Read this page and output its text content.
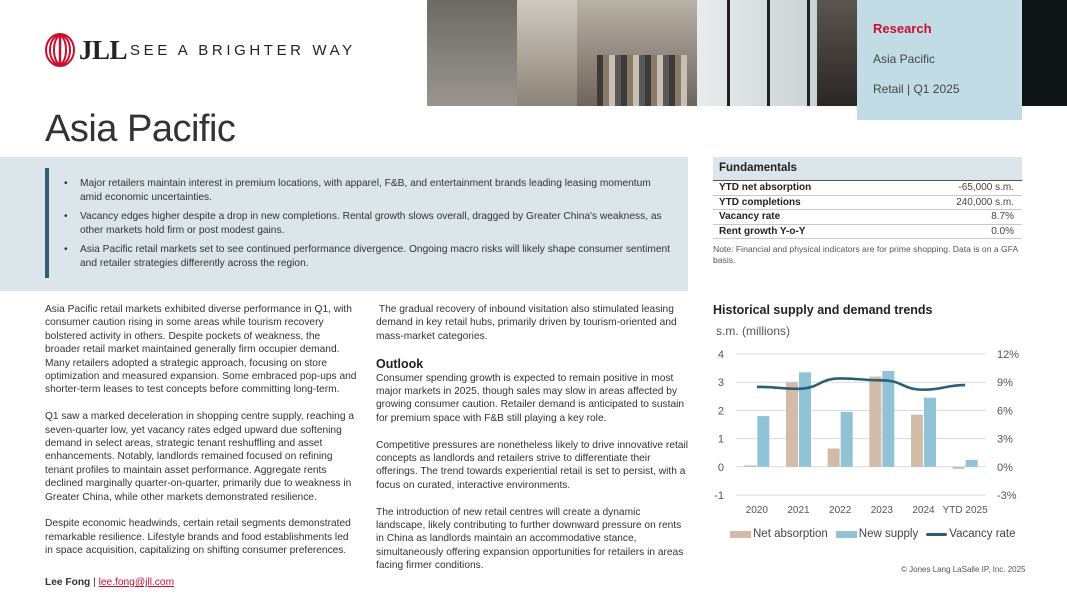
JLL SEE A BRIGHTER WAY
Research
Asia Pacific
Retail | Q1 2025
Asia Pacific
• Major retailers maintain interest in premium locations, with apparel, F&B, and entertainment brands leading leasing momentum amid economic uncertainties.
• Vacancy edges higher despite a drop in new completions. Rental growth slows overall, dragged by Greater China's weakness, as other markets hold firm or post modest gains.
• Asia Pacific retail markets set to see continued performance divergence. Ongoing macro risks will likely shape consumer sentiment and retailer strategies differently across the region.
Fundamentals
YTD net absorption	-65,000 s.m.
YTD completions	240,000 s.m.
Vacancy rate	8.7%
Rent growth Y-o-Y	0.0%
Note: Financial and physical indicators are for prime shopping. Data is on a GFA basis.

Asia Pacific retail markets exhibited diverse performance in Q1, with consumer caution rising in some areas while tourism recovery bolstered activity in others. Despite pockets of weakness, the broader retail market maintained generally firm occupier demand. Many retailers adopted a strategic approach, focusing on store optimization and measured expansion. Some embraced pop-ups and shorter-term leases to test concepts before committing long-term.

Q1 saw a marked deceleration in shopping centre supply, reaching a seven-quarter low, yet vacancy rates edged upward due softening demand in select areas, strategic tenant reshuffling and asset enhancements. Notably, landlords remained focused on refining tenant profiles to maintain asset performance. Aggregate rents declined marginally quarter-on-quarter, primarily due to weakness in Greater China, while other markets demonstrated resilience.

Despite economic headwinds, certain retail segments demonstrated remarkable resilience. Lifestyle brands and food establishments led in space acquisition, capitalizing on shifting consumer preferences.

The gradual recovery of inbound visitation also stimulated leasing demand in key retail hubs, primarily driven by tourism-oriented and mass-market categories.

Outlook

Consumer spending growth is expected to remain positive in most major markets in 2025, though sales may slow in areas affected by growing consumer caution. Retailer demand is anticipated to sustain for premium space with F&B still playing a key role.

Competitive pressures are nonetheless likely to drive innovative retail concepts as landlords and retailers strive to differentiate their offerings. The trend towards experiential retail is set to persist, with a focus on curated, interactive environments.

The introduction of new retail centres will create a dynamic landscape, likely contributing to further downward pressure on rents in China as landlords maintain an accommodative stance, simultaneously offering expansion opportunities for retailers in areas facing firmer conditions.

Lee Fong | lee.fong@jll.com
Historical supply and demand trends
s.m. (millions)
4	12%
3	9%
2	6%
1	3%
0	0%
-1	-3%
2020 2021 2022 2023 2024 YTD 2025
Net absorption	New supply	Vacancy rate
© Jones Lang LaSalle IP, Inc. 2025
